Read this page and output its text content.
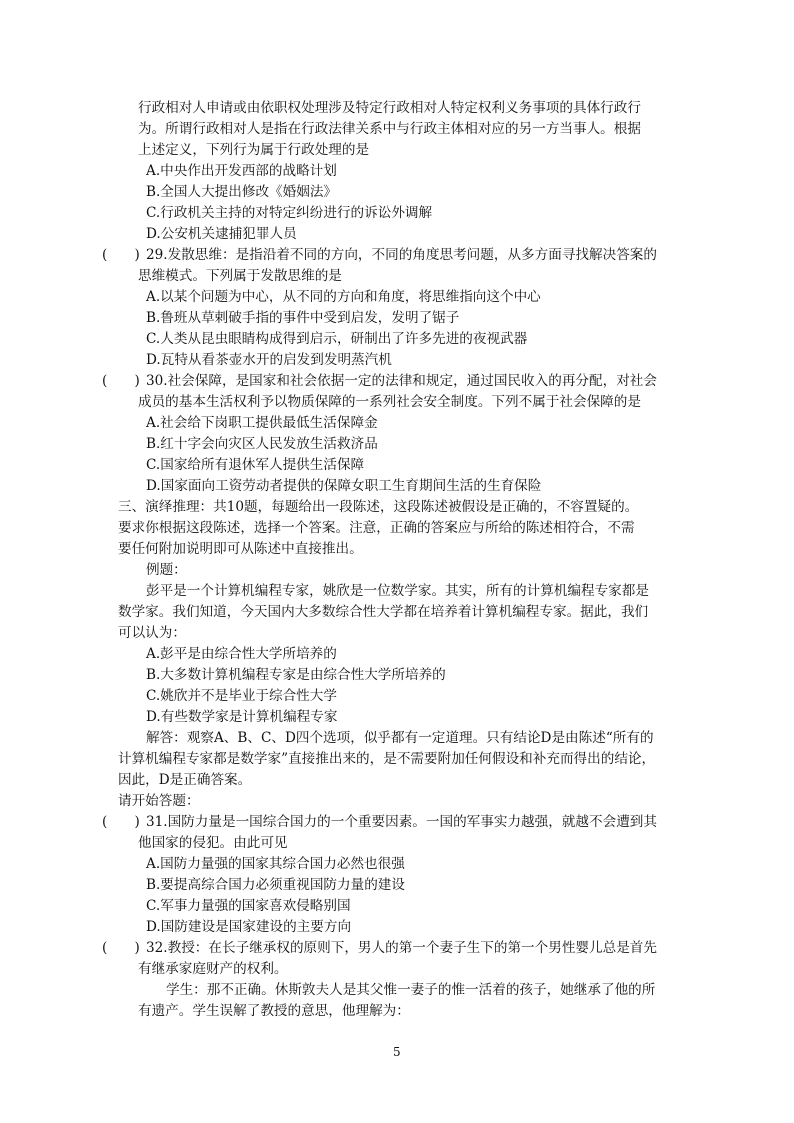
行政相对人申请或由依职权处理涉及特定行政相对人特定权利义务事项的具体行政行
为。所谓行政相对人是指在行政法律关系中与行政主体相对应的另一方当事人。根据
上述定义，下列行为属于行政处理的是
A.中央作出开发西部的战略计划
B.全国人大提出修改《婚姻法》
C.行政机关主持的对特定纠纷进行的诉讼外调解
D.公安机关逮捕犯罪人员
(　　) 29.发散思维：是指沿着不同的方向，不同的角度思考问题，从多方面寻找解决答案的
思维模式。下列属于发散思维的是
A.以某个问题为中心，从不同的方向和角度，将思维指向这个中心
B.鲁班从草剌破手指的事件中受到启发，发明了锯子
C.人类从昆虫眼睛构成得到启示，研制出了许多先进的夜视武器
D.瓦特从看茶壶水开的启发到发明蒸汽机
(　　) 30.社会保障，是国家和社会依据一定的法律和规定，通过国民收入的再分配，对社会
成员的基本生活权利予以物质保障的一系列社会安全制度。下列不属于社会保障的是
A.社会给下岗职工提供最低生活保障金
B.红十字会向灾区人民发放生活救济品
C.国家给所有退休军人提供生活保障
D.国家面向工资劳动者提供的保障女职工生育期间生活的生育保险
三、演绎推理：共10题，每题给出一段陈述，这段陈述被假设是正确的，不容置疑的。
要求你根据这段陈述，选择一个答案。注意，正确的答案应与所给的陈述相符合，不需
要任何附加说明即可从陈述中直接推出。
例题：
彭平是一个计算机编程专家，姚欣是一位数学家。其实，所有的计算机编程专家都是
数学家。我们知道，今天国内大多数综合性大学都在培养着计算机编程专家。据此，我们
可以认为：
A.彭平是由综合性大学所培养的
B.大多数计算机编程专家是由综合性大学所培养的
C.姚欣并不是毕业于综合性大学
D.有些数学家是计算机编程专家
解答：观察A、B、C、D四个选项，似乎都有一定道理。只有结论D是由陈述“所有的
计算机编程专家都是数学家”直接推出来的，是不需要附加任何假设和补充而得出的结论，
因此，D是正确答案。
请开始答题：
(　　) 31.国防力量是一国综合国力的一个重要因素。一国的军事实力越强，就越不会遭到其
他国家的侵犯。由此可见
A.国防力量强的国家其综合国力必然也很强
B.要提高综合国力必须重视国防力量的建设
C.军事力量强的国家喜欢侵略别国
D.国防建设是国家建设的主要方向
(　　) 32.教授：在长子继承权的原则下，男人的第一个妻子生下的第一个男性婴儿总是首先
有继承家庭财产的权利。
学生：那不正确。休斯敦夫人是其父惟一妻子的惟一活着的孩子，她继承了他的所
有遗产。学生误解了教授的意思，他理解为：
5
